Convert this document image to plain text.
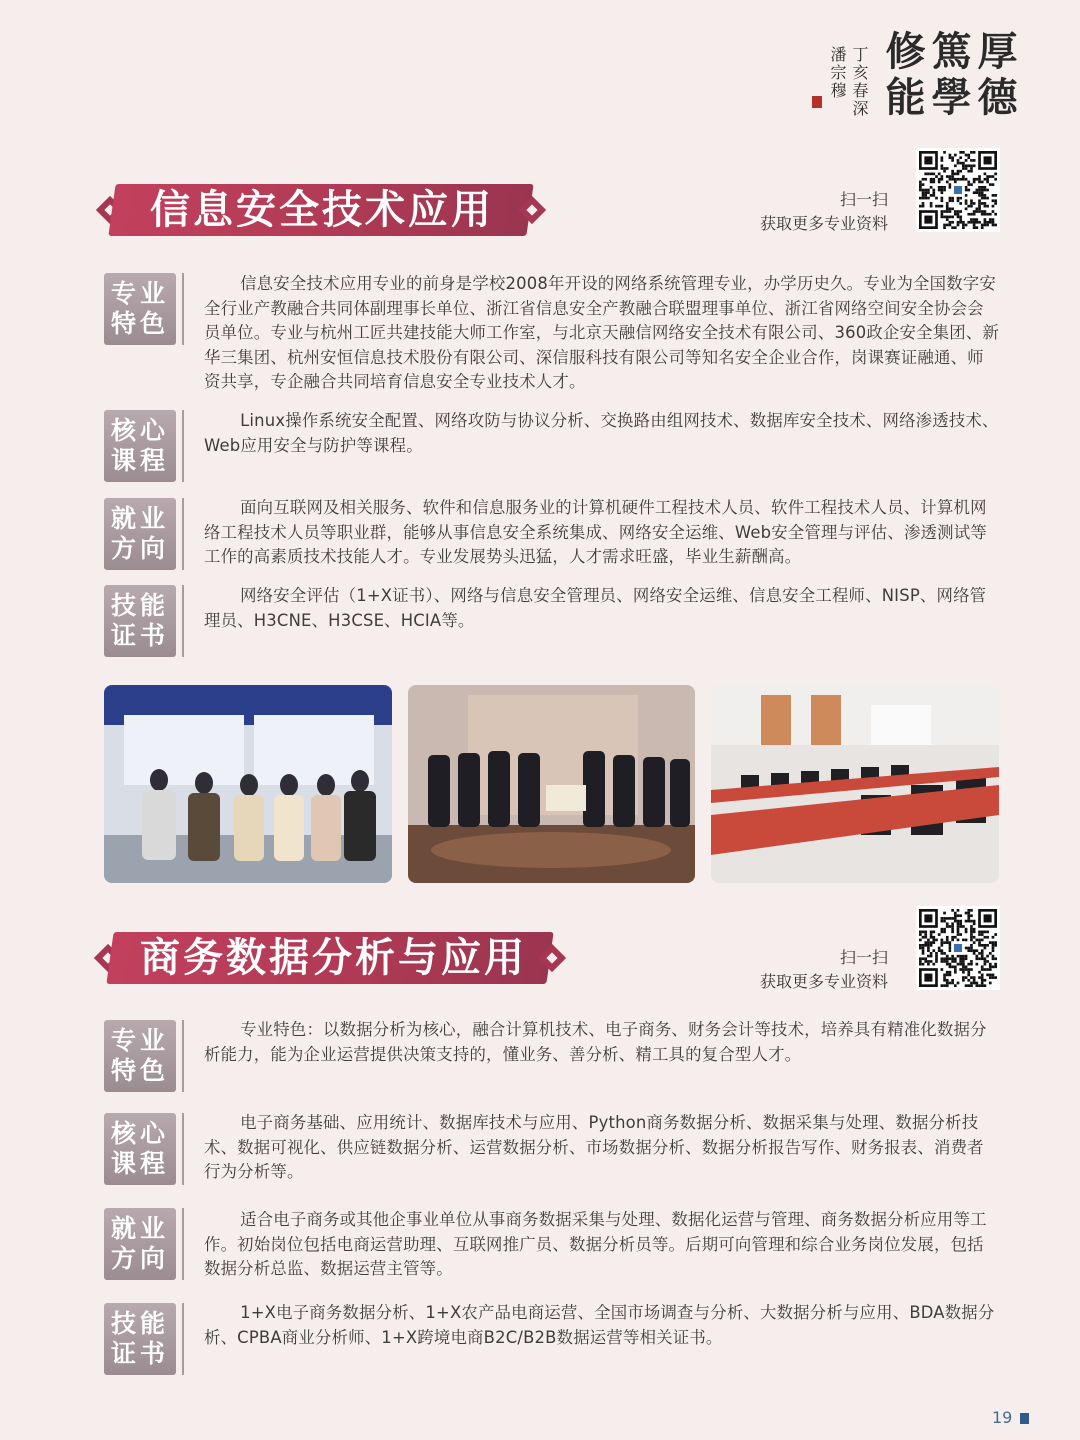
厚德
篤學
修能
丁亥春深
潘宗穆
信息安全技术应用	扫一扫
获取更多专业资料
专业特色
信息安全技术应用专业的前身是学校2008年开设的网络系统管理专业，办学历史久。专业为全国数字安全行业产教融合共同体副理事长单位、浙江省信息安全产教融合联盟理事单位、浙江省网络空间安全协会会员单位。专业与杭州工匠共建技能大师工作室，与北京天融信网络安全技术有限公司、360政企安全集团、新华三集团、杭州安恒信息技术股份有限公司、深信服科技有限公司等知名安全企业合作，岗课赛证融通、师资共享，专企融合共同培育信息安全专业技术人才。
核心课程
Linux操作系统安全配置、网络攻防与协议分析、交换路由组网技术、数据库安全技术、网络渗透技术、Web应用安全与防护等课程。
就业方向
面向互联网及相关服务、软件和信息服务业的计算机硬件工程技术人员、软件工程技术人员、计算机网络工程技术人员等职业群，能够从事信息安全系统集成、网络安全运维、Web安全管理与评估、渗透测试等工作的高素质技术技能人才。专业发展势头迅猛，人才需求旺盛，毕业生薪酬高。
技能证书
网络安全评估（1+X证书）、网络与信息安全管理员、网络安全运维、信息安全工程师、NISP、网络管理员、H3CNE、H3CSE、HCIA等。
商务数据分析与应用	扫一扫
获取更多专业资料
专业特色
专业特色：以数据分析为核心，融合计算机技术、电子商务、财务会计等技术，培养具有精准化数据分析能力，能为企业运营提供决策支持的，懂业务、善分析、精工具的复合型人才。
核心课程
电子商务基础、应用统计、数据库技术与应用、Python商务数据分析、数据采集与处理、数据分析技术、数据可视化、供应链数据分析、运营数据分析、市场数据分析、数据分析报告写作、财务报表、消费者行为分析等。
就业方向
适合电子商务或其他企事业单位从事商务数据采集与处理、数据化运营与管理、商务数据分析应用等工作。初始岗位包括电商运营助理、互联网推广员、数据分析员等。后期可向管理和综合业务岗位发展，包括数据分析总监、数据运营主管等。
技能证书
1+X电子商务数据分析、1+X农产品电商运营、全国市场调查与分析、大数据分析与应用、BDA数据分析、CPBA商业分析师、1+X跨境电商B2C/B2B数据运营等相关证书。
19
